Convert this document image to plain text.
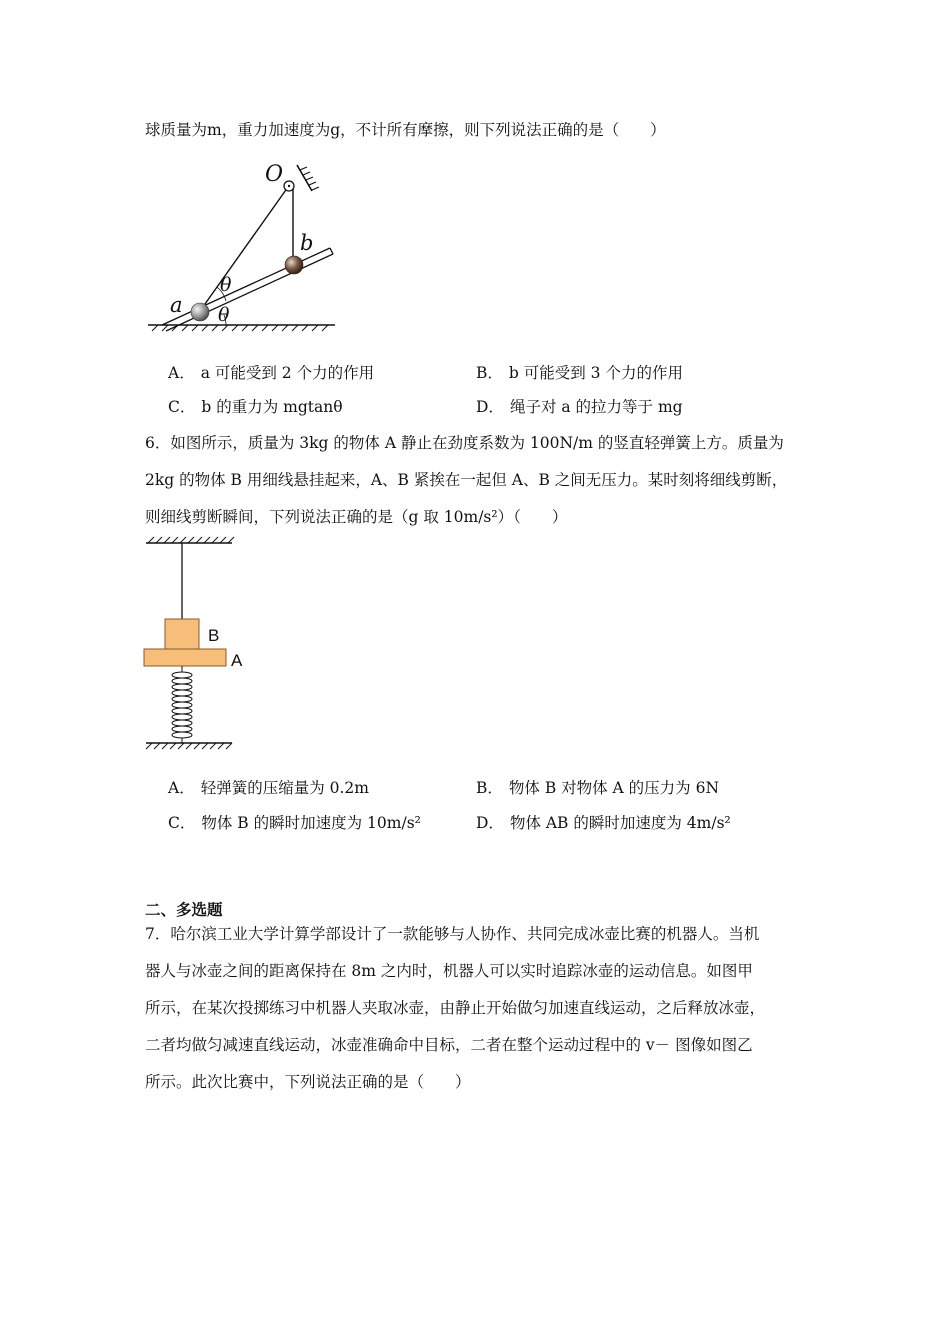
球质量为m，重力加速度为g，不计所有摩擦，则下列说法正确的是（　　）
O
b
a
θ
θ
A． a 可能受到 2 个力的作用	B． b 可能受到 3 个力的作用
C． b 的重力为 mgtanθ	D． 绳子对 a 的拉力等于 mg
6．如图所示，质量为 3kg 的物体 A 静止在劲度系数为 100N/m 的竖直轻弹簧上方。质量为
2kg 的物体 B 用细线悬挂起来，A、B 紧挨在一起但 A、B 之间无压力。某时刻将细线剪断，
则细线剪断瞬间，下列说法正确的是（g 取 10m/s²）（　　）
B
A
A． 轻弹簧的压缩量为 0.2m	B． 物体 B 对物体 A 的压力为 6N
C． 物体 B 的瞬时加速度为 10m/s²	D． 物体 AB 的瞬时加速度为 4m/s²
二、多选题
7．哈尔滨工业大学计算学部设计了一款能够与人协作、共同完成冰壶比赛的机器人。当机
器人与冰壶之间的距离保持在 8m 之内时，机器人可以实时追踪冰壶的运动信息。如图甲
所示，在某次投掷练习中机器人夹取冰壶，由静止开始做匀加速直线运动，之后释放冰壶，
二者均做匀减速直线运动，冰壶准确命中目标，二者在整个运动过程中的 v－ 图像如图乙
所示。此次比赛中，下列说法正确的是（　　）
